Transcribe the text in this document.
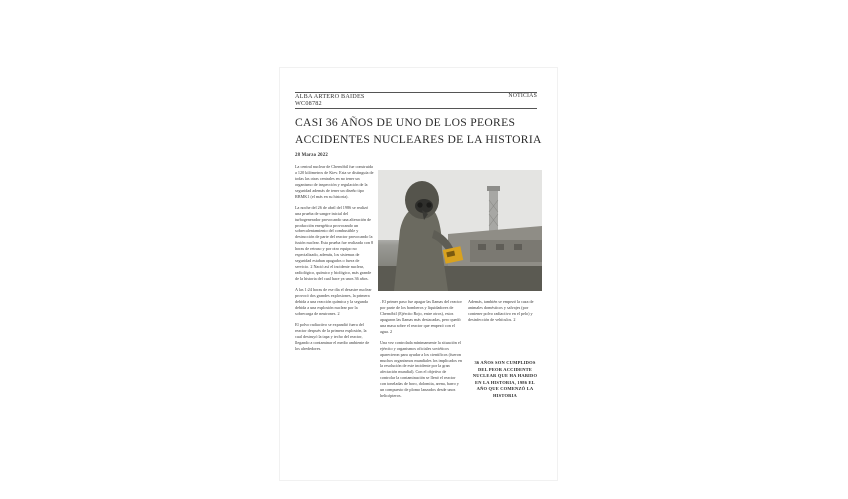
ALBA ARTERO BAIDES
WC08782
NOTICIAS
CASI 36 AÑOS DE UNO DE LOS PEORES ACCIDENTES NUCLEARES DE LA HISTORIA
28 Marzo 2022

La central nuclear de Chernóbil fue construida a 120 kilómetros de Kiev. Esta se distinguía de todas las otras centrales en no tener un organismo de inspección y regulación de la seguridad además de tener un diseño tipo RBMK1 (el más en su historia).

La noche del 26 de abril del 1986 se realizó una prueba de sangre inicial del turbogenerador provocando una alteración de producción energética provocando un sobrecalentamiento del combustible y destrucción de parte del reactor provocando la fusión nuclear. Esta prueba fue realizada con 8 horas de retraso y por otro equipo no especializado, además, los sistemas de seguridad estaban apagados o fuera de servicio. 2 Nació así el incidente nuclear, radiológico, químico y biológico, más grande de la historia del cual hace ya unos 36 años.

A las 1:24 horas de ese día el desastre nuclear provocó dos grandes explosiones, la primera debida a una reacción química y la segunda debida a una explosión nuclear por la sobrecarga de neutrones. 2

El polvo radiactivo se expandió fuera del reactor después de la primera explosión, la cual destruyó la tapa y techo del reactor, llegando a contaminar el medio ambiente de los alrededores.

. El primer paso fue apagar las llamas del reactor por parte de los bomberos y liquidadores de Chernóbil (Ejército Rojo, entre otros), estos apagaron las llamas más destacadas, pero quedó una masa sobre el reactor que empezó con el agua. 2

Una vez controlada mínimamente la situación el ejército y organismos oficiales soviéticos aparecieron para ayudar a los científicos (fueron muchos organismos mundiales los implicados en la resolución de este incidente por la gran afectación mundial). Con el objetivo de controlar la contaminación se llenó el reactor con toneladas de boro, dolomita, arena, barro y un compuesto de plomo lanzados desde unos helicópteros.

Además, también se empezó la caza de animales domésticos y salvajes (por contener polvo radiactivo en el pelo) y desinfección de vehículos. 2

36 AÑOS SON CUMPLIDOS DEL PEOR ACCIDENTE NUCLEAR QUE HA HABIDO EN LA HISTORIA, 1986 EL AÑO QUE COMENZÓ LA HISTORIA
